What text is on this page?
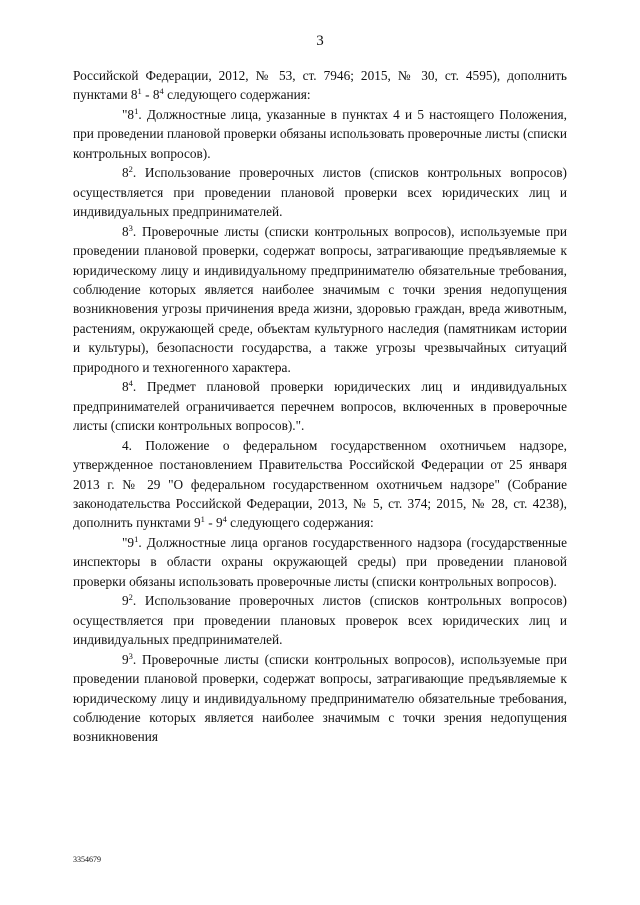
3

Российской Федерации, 2012, № 53, ст. 7946; 2015, № 30, ст. 4595), дополнить пунктами $8^1 - 8^4$ следующего содержания:

"$8^1$. Должностные лица, указанные в пунктах 4 и 5 настоящего Положения, при проведении плановой проверки обязаны использовать проверочные листы (списки контрольных вопросов).

$8^2$. Использование проверочных листов (списков контрольных вопросов) осуществляется при проведении плановой проверки всех юридических лиц и индивидуальных предпринимателей.

$8^3$. Проверочные листы (списки контрольных вопросов), используемые при проведении плановой проверки, содержат вопросы, затрагивающие предъявляемые к юридическому лицу и индивидуальному предпринимателю обязательные требования, соблюдение которых является наиболее значимым с точки зрения недопущения возникновения угрозы причинения вреда жизни, здоровью граждан, вреда животным, растениям, окружающей среде, объектам культурного наследия (памятникам истории и культуры), безопасности государства, а также угрозы чрезвычайных ситуаций природного и техногенного характера.

$8^4$. Предмет плановой проверки юридических лиц и индивидуальных предпринимателей ограничивается перечнем вопросов, включенных в проверочные листы (списки контрольных вопросов).".

4. Положение о федеральном государственном охотничьем надзоре, утвержденное постановлением Правительства Российской Федерации от 25 января 2013 г. № 29 "О федеральном государственном охотничьем надзоре" (Собрание законодательства Российской Федерации, 2013, № 5, ст. 374; 2015, № 28, ст. 4238), дополнить пунктами $9^1 - 9^4$ следующего содержания:

"$9^1$. Должностные лица органов государственного надзора (государственные инспекторы в области охраны окружающей среды) при проведении плановой проверки обязаны использовать проверочные листы (списки контрольных вопросов).

$9^2$. Использование проверочных листов (списков контрольных вопросов) осуществляется при проведении плановых проверок всех юридических лиц и индивидуальных предпринимателей.

$9^3$. Проверочные листы (списки контрольных вопросов), используемые при проведении плановой проверки, содержат вопросы, затрагивающие предъявляемые к юридическому лицу и индивидуальному предпринимателю обязательные требования, соблюдение которых является наиболее значимым с точки зрения недопущения возникновения

3354679
